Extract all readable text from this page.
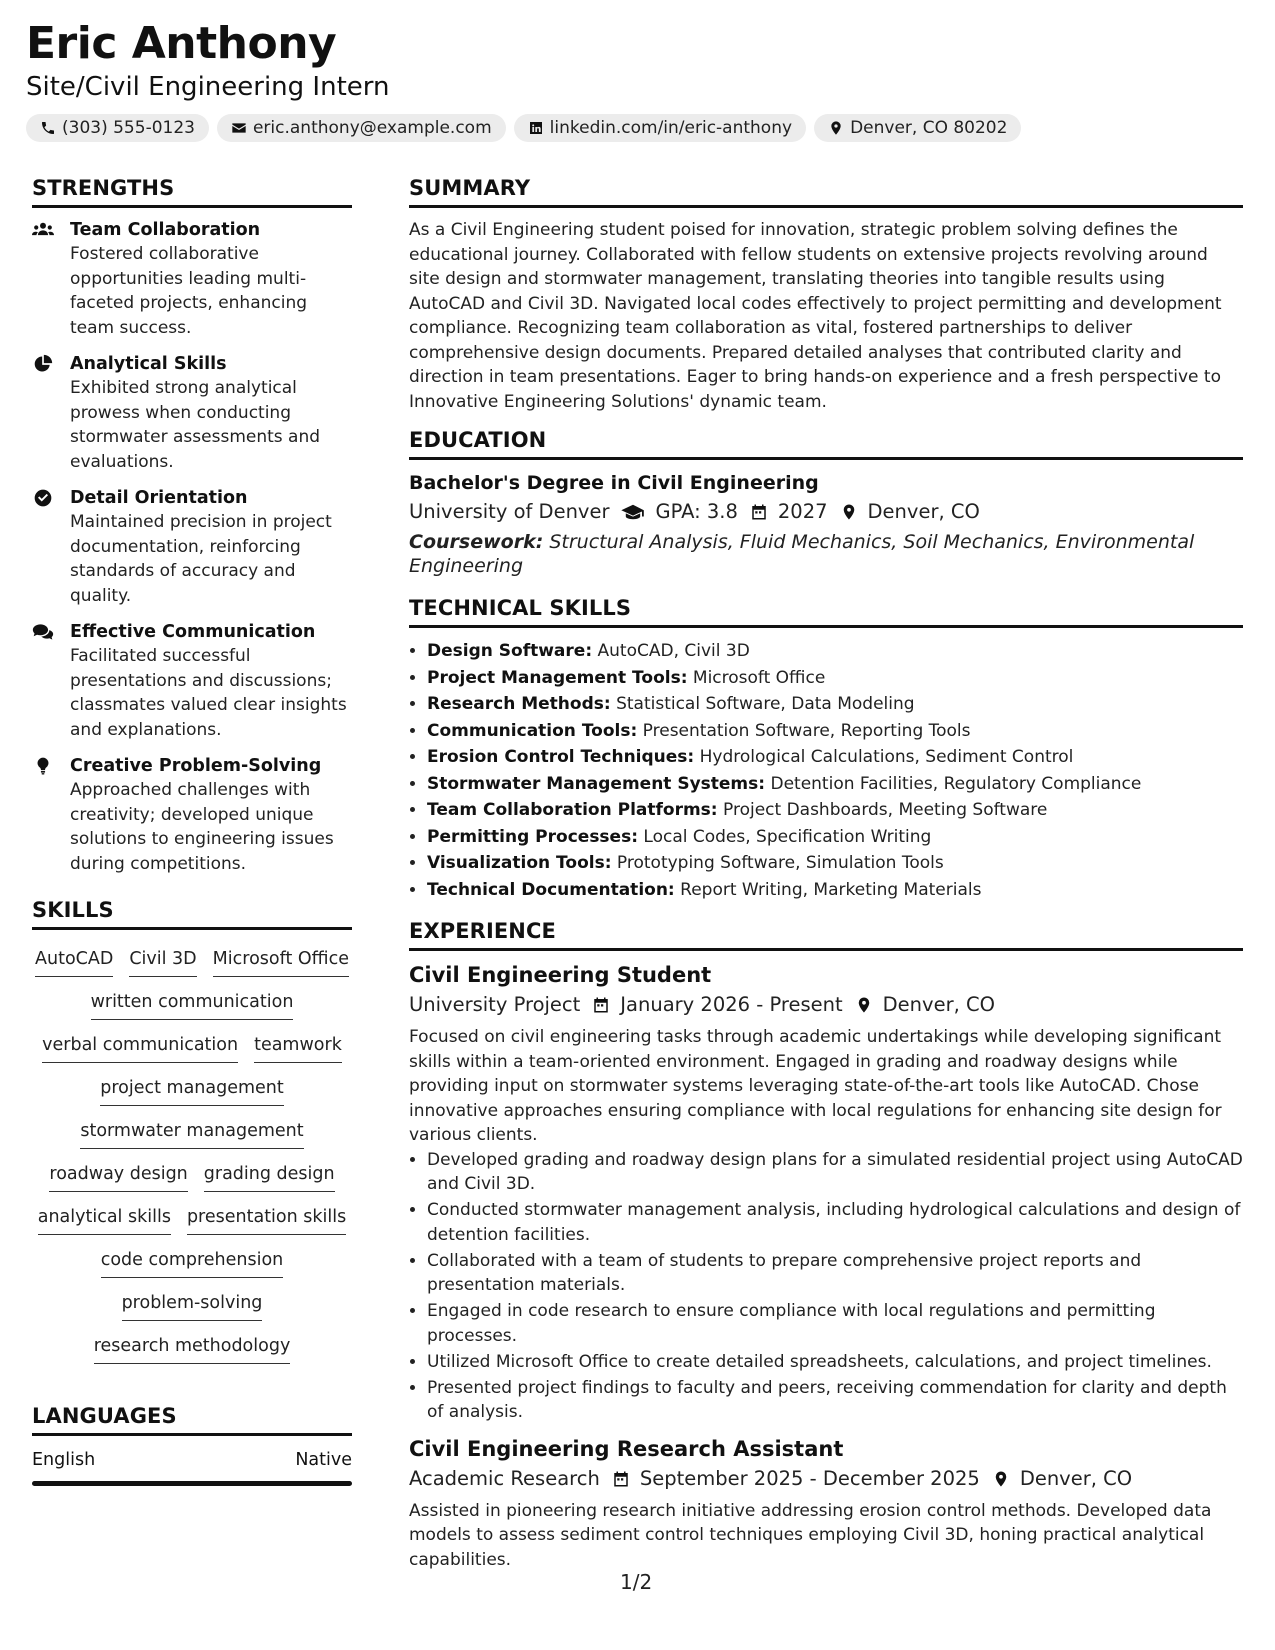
Eric Anthony
Site/Civil Engineering Intern
(303) 555-0123	eric.anthony@example.com	linkedin.com/in/eric-anthony	Denver, CO 80202
STRENGTHS
Team Collaboration
Fostered collaborative opportunities leading multi-faceted projects, enhancing team success.
Analytical Skills
Exhibited strong analytical prowess when conducting stormwater assessments and evaluations.
Detail Orientation
Maintained precision in project documentation, reinforcing standards of accuracy and quality.
Effective Communication
Facilitated successful presentations and discussions; classmates valued clear insights and explanations.
Creative Problem-Solving
Approached challenges with creativity; developed unique solutions to engineering issues during competitions.
SKILLS
AutoCAD Civil 3D Microsoft Office
written communication
verbal communication teamwork
project management
stormwater management
roadway design grading design
analytical skills presentation skills
code comprehension
problem-solving
research methodology
LANGUAGES
English	Native
SUMMARY

As a Civil Engineering student poised for innovation, strategic problem solving defines the educational journey. Collaborated with fellow students on extensive projects revolving around site design and stormwater management, translating theories into tangible results using AutoCAD and Civil 3D. Navigated local codes effectively to project permitting and development compliance. Recognizing team collaboration as vital, fostered partnerships to deliver comprehensive design documents. Prepared detailed analyses that contributed clarity and direction in team presentations. Eager to bring hands-on experience and a fresh perspective to Innovative Engineering Solutions' dynamic team.

EDUCATION
Bachelor's Degree in Civil Engineering
University of Denver GPA: 3.8 2027 Denver, CO
Coursework: Structural Analysis, Fluid Mechanics, Soil Mechanics, Environmental Engineering
TECHNICAL SKILLS
• Design Software: AutoCAD, Civil 3D
• Project Management Tools: Microsoft Office
• Research Methods: Statistical Software, Data Modeling
• Communication Tools: Presentation Software, Reporting Tools
• Erosion Control Techniques: Hydrological Calculations, Sediment Control
• Stormwater Management Systems: Detention Facilities, Regulatory Compliance
• Team Collaboration Platforms: Project Dashboards, Meeting Software
• Permitting Processes: Local Codes, Specification Writing
• Visualization Tools: Prototyping Software, Simulation Tools
• Technical Documentation: Report Writing, Marketing Materials
EXPERIENCE
Civil Engineering Student
University Project January 2026 - Present Denver, CO

Focused on civil engineering tasks through academic undertakings while developing significant skills within a team-oriented environment. Engaged in grading and roadway designs while providing input on stormwater systems leveraging state-of-the-art tools like AutoCAD. Chose innovative approaches ensuring compliance with local regulations for enhancing site design for various clients.

• Developed grading and roadway design plans for a simulated residential project using AutoCAD and Civil 3D.
• Conducted stormwater management analysis, including hydrological calculations and design of detention facilities.
• Collaborated with a team of students to prepare comprehensive project reports and presentation materials.
• Engaged in code research to ensure compliance with local regulations and permitting processes.
• Utilized Microsoft Office to create detailed spreadsheets, calculations, and project timelines.
• Presented project findings to faculty and peers, receiving commendation for clarity and depth of analysis.
Civil Engineering Research Assistant
Academic Research September 2025 - December 2025 Denver, CO

Assisted in pioneering research initiative addressing erosion control methods. Developed data models to assess sediment control techniques employing Civil 3D, honing practical analytical capabilities.

1/2
